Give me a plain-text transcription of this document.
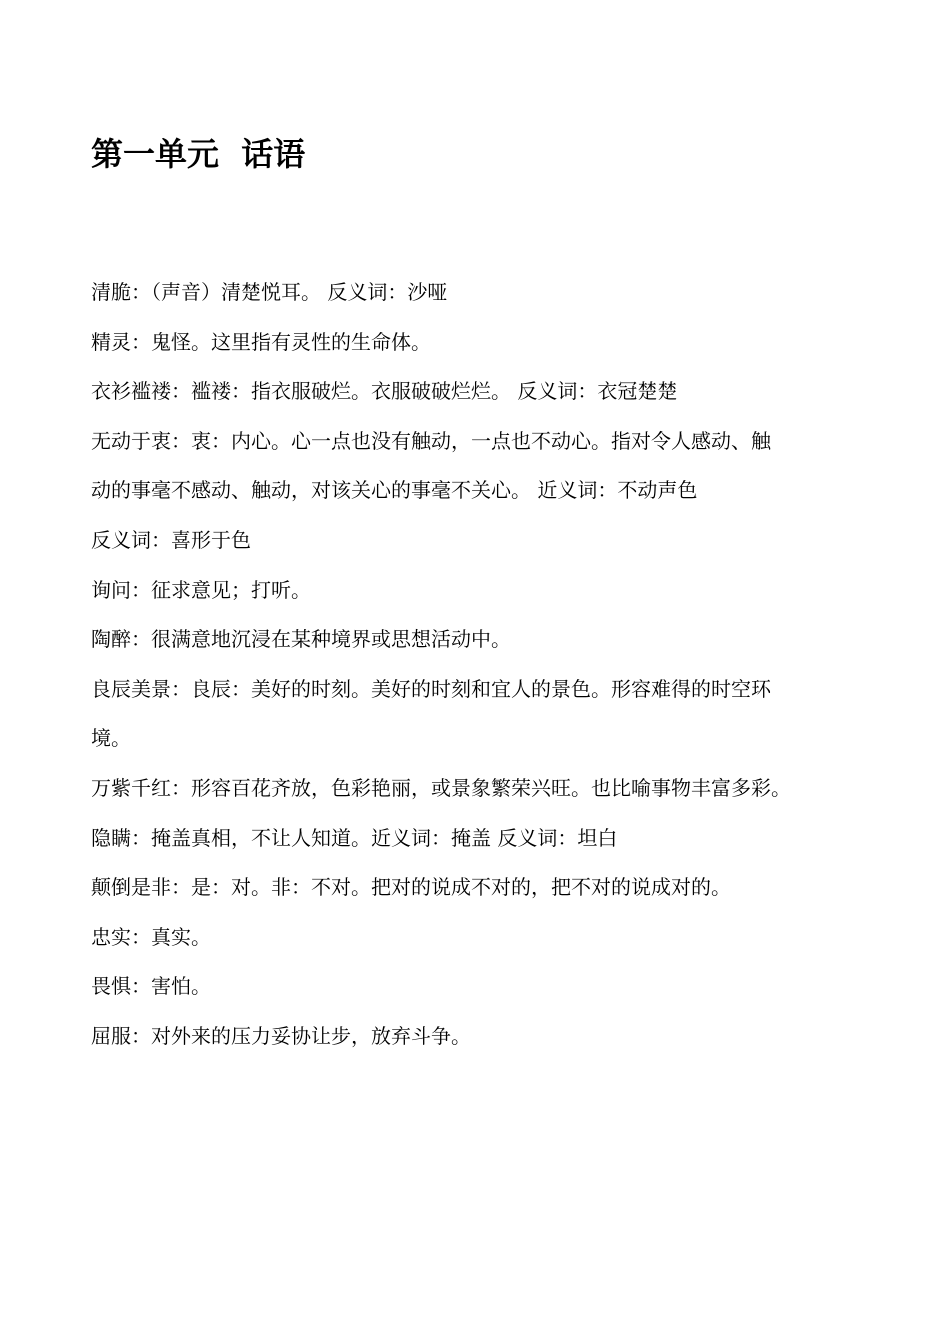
第一单元  话语
清脆：（声音）清楚悦耳。 反义词：沙哑
精灵：鬼怪。这里指有灵性的生命体。
衣衫褴褛：褴褛：指衣服破烂。衣服破破烂烂。 反义词：衣冠楚楚
无动于衷：衷：内心。心一点也没有触动，一点也不动心。指对令人感动、触
动的事毫不感动、触动，对该关心的事毫不关心。 近义词：不动声色
反义词：喜形于色
询问：征求意见；打听。
陶醉：很满意地沉浸在某种境界或思想活动中。
良辰美景：良辰：美好的时刻。美好的时刻和宜人的景色。形容难得的时空环
境。
万紫千红：形容百花齐放，色彩艳丽，或景象繁荣兴旺。也比喻事物丰富多彩。
隐瞒：掩盖真相，不让人知道。近义词：掩盖 反义词：坦白
颠倒是非：是：对。非：不对。把对的说成不对的，把不对的说成对的。
忠实：真实。
畏惧：害怕。
屈服：对外来的压力妥协让步，放弃斗争。
